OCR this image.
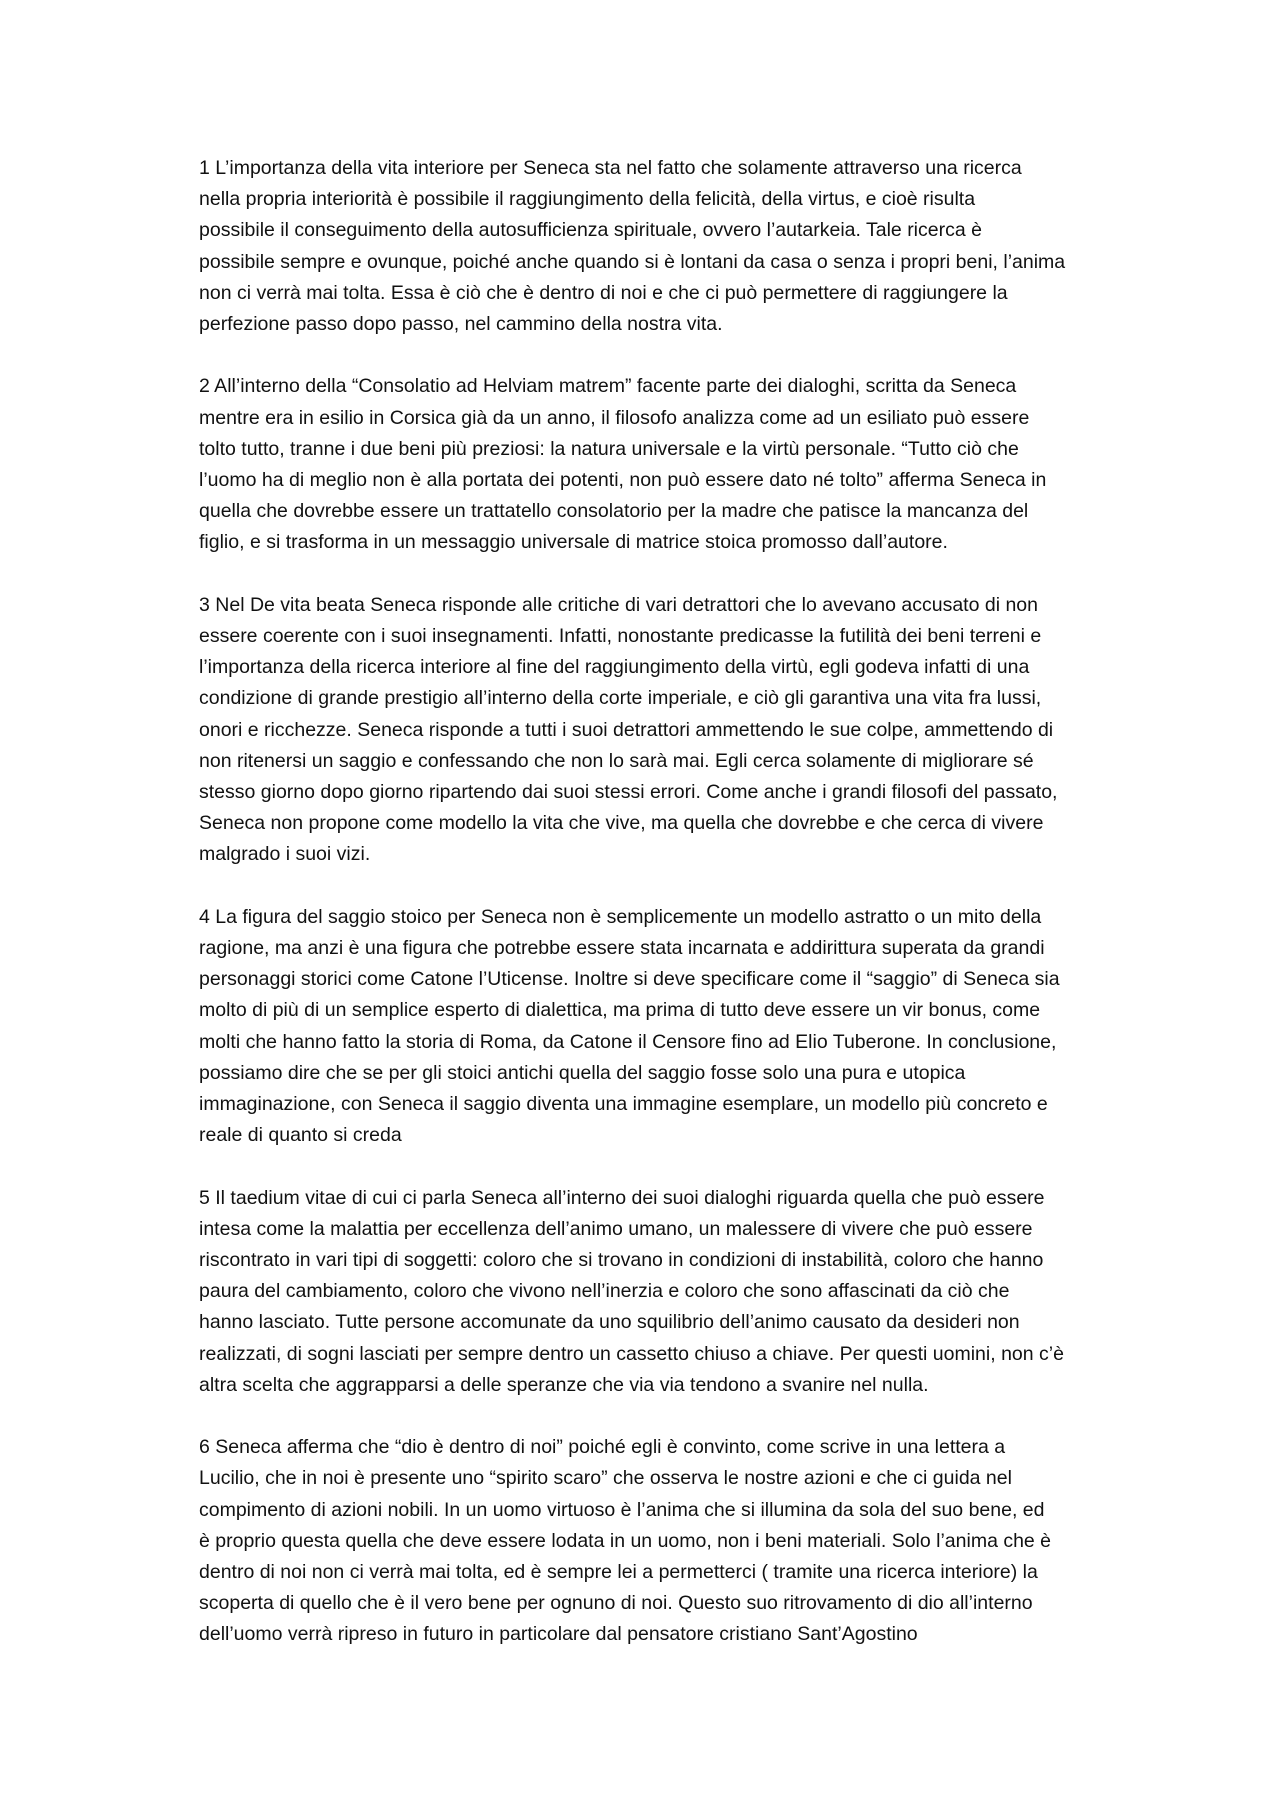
1 L’importanza della vita interiore per Seneca sta nel fatto che solamente attraverso una ricerca
nella propria interiorità è possibile il raggiungimento della felicità, della virtus, e cioè risulta
possibile il conseguimento della autosufficienza spirituale, ovvero l’autarkeia. Tale ricerca è
possibile sempre e ovunque, poiché anche quando si è lontani da casa o senza i propri beni, l’anima
non ci verrà mai tolta. Essa è ciò che è dentro di noi e che ci può permettere di raggiungere la
perfezione passo dopo passo, nel cammino della nostra vita.

2 All’interno della “Consolatio ad Helviam matrem” facente parte dei dialoghi, scritta da Seneca
mentre era in esilio in Corsica già da un anno, il filosofo analizza come ad un esiliato può essere
tolto tutto, tranne i due beni più preziosi: la natura universale e la virtù personale. “Tutto ciò che
l’uomo ha di meglio non è alla portata dei potenti, non può essere dato né tolto” afferma Seneca in
quella che dovrebbe essere un trattatello consolatorio per la madre che patisce la mancanza del
figlio, e si trasforma in un messaggio universale di matrice stoica promosso dall’autore.

3 Nel De vita beata Seneca risponde alle critiche di vari detrattori che lo avevano accusato di non
essere coerente con i suoi insegnamenti. Infatti, nonostante predicasse la futilità dei beni terreni e
l’importanza della ricerca interiore al fine del raggiungimento della virtù, egli godeva infatti di una
condizione di grande prestigio all’interno della corte imperiale, e ciò gli garantiva una vita fra lussi,
onori e ricchezze. Seneca risponde a tutti i suoi detrattori ammettendo le sue colpe, ammettendo di
non ritenersi un saggio e confessando che non lo sarà mai. Egli cerca solamente di migliorare sé
stesso giorno dopo giorno ripartendo dai suoi stessi errori. Come anche i grandi filosofi del passato,
Seneca non propone come modello la vita che vive, ma quella che dovrebbe e che cerca di vivere
malgrado i suoi vizi.

4 La figura del saggio stoico per Seneca non è semplicemente un modello astratto o un mito della
ragione, ma anzi è una figura che potrebbe essere stata incarnata e addirittura superata da grandi
personaggi storici come Catone l’Uticense. Inoltre si deve specificare come il “saggio” di Seneca sia
molto di più di un semplice esperto di dialettica, ma prima di tutto deve essere un vir bonus, come
molti che hanno fatto la storia di Roma, da Catone il Censore fino ad Elio Tuberone. In conclusione,
possiamo dire che se per gli stoici antichi quella del saggio fosse solo una pura e utopica
immaginazione, con Seneca il saggio diventa una immagine esemplare, un modello più concreto e
reale di quanto si creda

5 Il taedium vitae di cui ci parla Seneca all’interno dei suoi dialoghi riguarda quella che può essere
intesa come la malattia per eccellenza dell’animo umano, un malessere di vivere che può essere
riscontrato in vari tipi di soggetti: coloro che si trovano in condizioni di instabilità, coloro che hanno
paura del cambiamento, coloro che vivono nell’inerzia e coloro che sono affascinati da ciò che
hanno lasciato. Tutte persone accomunate da uno squilibrio dell’animo causato da desideri non
realizzati, di sogni lasciati per sempre dentro un cassetto chiuso a chiave. Per questi uomini, non c’è
altra scelta che aggrapparsi a delle speranze che via via tendono a svanire nel nulla.

6 Seneca afferma che “dio è dentro di noi” poiché egli è convinto, come scrive in una lettera a
Lucilio, che in noi è presente uno “spirito scaro” che osserva le nostre azioni e che ci guida nel
compimento di azioni nobili. In un uomo virtuoso è l’anima che si illumina da sola del suo bene, ed
è proprio questa quella che deve essere lodata in un uomo, non i beni materiali. Solo l’anima che è
dentro di noi non ci verrà mai tolta, ed è sempre lei a permetterci ( tramite una ricerca interiore) la
scoperta di quello che è il vero bene per ognuno di noi. Questo suo ritrovamento di dio all’interno
dell’uomo verrà ripreso in futuro in particolare dal pensatore cristiano Sant’Agostino
